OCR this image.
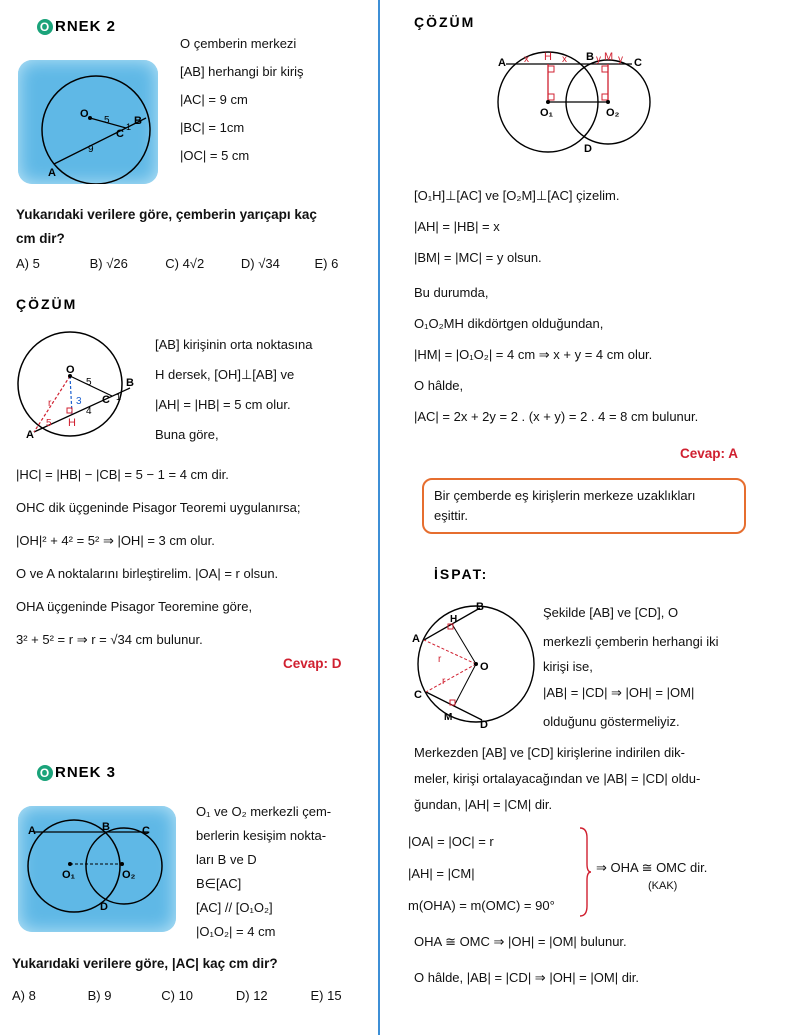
O RNEK 2
O
5
C
1 B
9
A
O çemberin merkezi
[AB] herhangi bir kiriş
|AC| = 9 cm
|BC| = 1cm
|OC| = 5 cm
Yukarıdaki verilere göre, çemberin yarıçapı kaç
cm dir?
A) 5	B) √26	C) 4√2	D) √34	E) 6
ÇÖZÜM
O
5
r 3
4
C 1
B
H
5
A
[AB] kirişinin orta noktasına
H dersek, [OH]⊥[AB] ve
|AH| = |HB| = 5 cm olur.
Buna göre,
|HC| = |HB| − |CB| = 5 − 1 = 4 cm dir.
OHC dik üçgeninde Pisagor Teoremi uygulanırsa;
|OH|² + 4² = 5² ⇒ |OH| = 3 cm olur.
O ve A noktalarını birleştirelim. |OA| = r olsun.
OHA üçgeninde Pisagor Teoremine göre,
3² + 5² = r ⇒ r = √34 cm bulunur.
Cevap: D
O RNEK 3
A	B	C
O₁	O₂
D
O₁ ve O₂ merkezli çem-
berlerin kesişim nokta-
ları B ve D
B∈[AC]
[AC] // [O₁O₂]
|O₁O₂| = 4 cm
Yukarıdaki verilere göre, |AC| kaç cm dir?
A) 8	B) 9	C) 10	D) 12	E) 15
ÇÖZÜM
A x H x B y M y C
O₁	O₂
D
[O₁H]⊥[AC] ve [O₂M]⊥[AC] çizelim.
|AH| = |HB| = x
|BM| = |MC| = y olsun.
Bu durumda,
O₁O₂MH dikdörtgen olduğundan,
|HM| = |O₁O₂| = 4 cm ⇒ x + y = 4 cm olur.
O hâlde,
|AC| = 2x + 2y = 2 . (x + y) = 2 . 4 = 8 cm bulunur.
Cevap: A
Bir çemberde eş kirişlerin merkeze uzaklıkları
eşittir.
İSPAT:
B
H
A
r
O
r
C
M
D
Şekilde [AB] ve [CD], O
merkezli çemberin herhangi iki
kirişi ise,
|AB| = |CD| ⇒ |OH| = |OM|
olduğunu göstermeliyiz.
Merkezden [AB] ve [CD] kirişlerine indirilen dik-
meler, kirişi ortalayacağından ve |AB| = |CD| oldu-
ğundan, |AH| = |CM| dir.
|OA| = |OC| = r
|AH| = |CM|
m(OHA) = m(OMC) = 90°
⇒ OHA ≅ OMC dir.
(KAK)
OHA ≅ OMC ⇒ |OH| = |OM| bulunur.
O hâlde, |AB| = |CD| ⇒ |OH| = |OM| dir.
